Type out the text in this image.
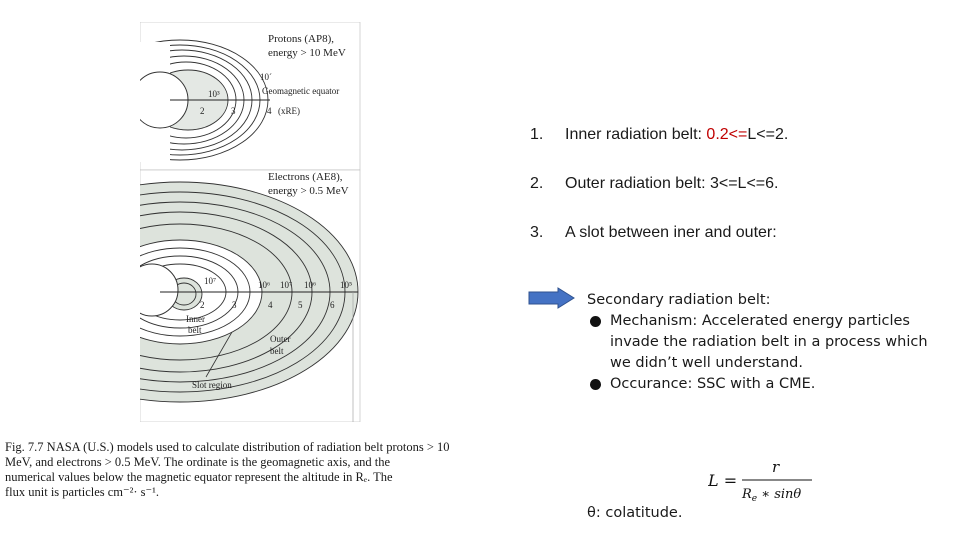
Protons (AP8),
energy > 10 MeV
10´
10³	Geomagnetic equator
2	3	4 (xRE)
Electrons (AE8),
energy > 0.5 MeV
10⁷	10⁶ 10⁷ 10⁶	10⁵
2	3	4	5	6
Inner
belt
Outer
belt
Slot region
Fig. 7.7 NASA (U.S.) models used to calculate distribution of radiation belt protons > 10
MeV, and electrons > 0.5 MeV. The ordinate is the geomagnetic axis, and the
numerical values below the magnetic equator represent the altitude in Rₑ. The
flux unit is particles cm⁻²· s⁻¹.
1. Inner radiation belt: 0.2<=L<=2.
2. Outer radiation belt: 3<=L<=6.
3. A slot between iner and outer:
Secondary radiation belt:
Mechanism: Accelerated energy particles invade the radiation belt in a process which we didn’t well understand.
Occurance: SSC with a CME.
L =
r
$R_e$ ∗ sinθ
θ: colatitude.
